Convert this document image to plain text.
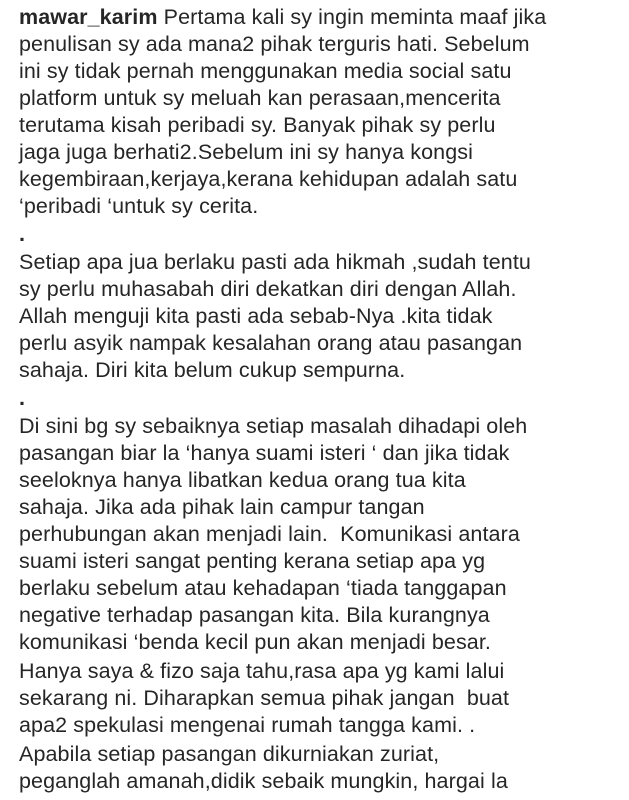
mawar_karim Pertama kali sy ingin meminta maaf jika
penulisan sy ada mana2 pihak terguris hati. Sebelum
ini sy tidak pernah menggunakan media social satu
platform untuk sy meluah kan perasaan,mencerita
terutama kisah peribadi sy. Banyak pihak sy perlu
jaga juga berhati2.Sebelum ini sy hanya kongsi
kegembiraan,kerjaya,kerana kehidupan adalah satu
‘peribadi ‘untuk sy cerita.
.
Setiap apa jua berlaku pasti ada hikmah ,sudah tentu
sy perlu muhasabah diri dekatkan diri dengan Allah.
Allah menguji kita pasti ada sebab-Nya .kita tidak
perlu asyik nampak kesalahan orang atau pasangan
sahaja. Diri kita belum cukup sempurna.
.
Di sini bg sy sebaiknya setiap masalah dihadapi oleh
pasangan biar la ‘hanya suami isteri ‘ dan jika tidak
seeloknya hanya libatkan kedua orang tua kita
sahaja. Jika ada pihak lain campur tangan
perhubungan akan menjadi lain.  Komunikasi antara
suami isteri sangat penting kerana setiap apa yg
berlaku sebelum atau kehadapan ‘tiada tanggapan
negative terhadap pasangan kita. Bila kurangnya
komunikasi ‘benda kecil pun akan menjadi besar.
Hanya saya & fizo saja tahu,rasa apa yg kami lalui
sekarang ni. Diharapkan semua pihak jangan  buat
apa2 spekulasi mengenai rumah tangga kami. .
Apabila setiap pasangan dikurniakan zuriat,
peganglah amanah,didik sebaik mungkin, hargai la
